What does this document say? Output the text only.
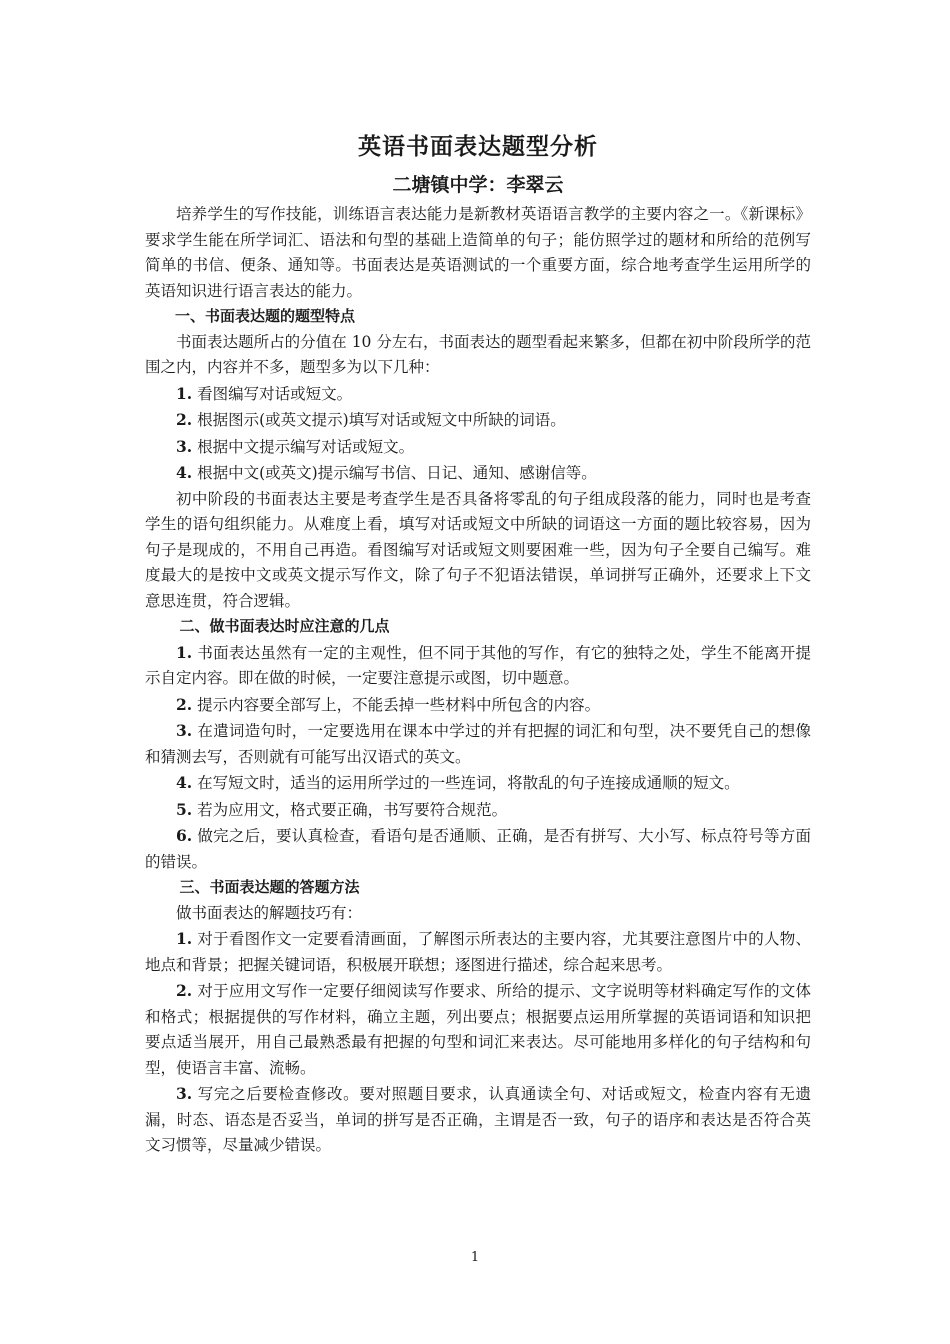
英语书面表达题型分析
二塘镇中学：李翠云

培养学生的写作技能，训练语言表达能力是新教材英语语言教学的主要内容之一。《新课标》要求学生能在所学词汇、语法和句型的基础上造简单的句子；能仿照学过的题材和所给的范例写简单的书信、便条、通知等。书面表达是英语测试的一个重要方面，综合地考查学生运用所学的英语知识进行语言表达的能力。

一、书面表达题的题型特点

书面表达题所占的分值在 10 分左右，书面表达的题型看起来繁多，但都在初中阶段所学的范围之内，内容并不多，题型多为以下几种：

1. 看图编写对话或短文。

2. 根据图示(或英文提示)填写对话或短文中所缺的词语。

3. 根据中文提示编写对话或短文。

4. 根据中文(或英文)提示编写书信、日记、通知、感谢信等。

初中阶段的书面表达主要是考查学生是否具备将零乱的句子组成段落的能力，同时也是考查学生的语句组织能力。从难度上看，填写对话或短文中所缺的词语这一方面的题比较容易，因为句子是现成的，不用自己再造。看图编写对话或短文则要困难一些，因为句子全要自己编写。难度最大的是按中文或英文提示写作文，除了句子不犯语法错误，单词拼写正确外，还要求上下文意思连贯，符合逻辑。

二、做书面表达时应注意的几点

1. 书面表达虽然有一定的主观性，但不同于其他的写作，有它的独特之处，学生不能离开提示自定内容。即在做的时候，一定要注意提示或图，切中题意。

2. 提示内容要全部写上，不能丢掉一些材料中所包含的内容。

3. 在遣词造句时，一定要选用在课本中学过的并有把握的词汇和句型，决不要凭自己的想像和猜测去写，否则就有可能写出汉语式的英文。

4. 在写短文时，适当的运用所学过的一些连词，将散乱的句子连接成通顺的短文。

5. 若为应用文，格式要正确，书写要符合规范。

6. 做完之后，要认真检查，看语句是否通顺、正确，是否有拼写、大小写、标点符号等方面的错误。

三、书面表达题的答题方法

做书面表达的解题技巧有：

1. 对于看图作文一定要看清画面，了解图示所表达的主要内容，尤其要注意图片中的人物、地点和背景；把握关键词语，积极展开联想；逐图进行描述，综合起来思考。

2. 对于应用文写作一定要仔细阅读写作要求、所给的提示、文字说明等材料确定写作的文体和格式；根据提供的写作材料，确立主题，列出要点；根据要点运用所掌握的英语词语和知识把要点适当展开，用自己最熟悉最有把握的句型和词汇来表达。尽可能地用多样化的句子结构和句型，使语言丰富、流畅。

3. 写完之后要检查修改。要对照题目要求，认真通读全句、对话或短文，检查内容有无遗漏，时态、语态是否妥当，单词的拼写是否正确，主谓是否一致，句子的语序和表达是否符合英文习惯等，尽量减少错误。

1
